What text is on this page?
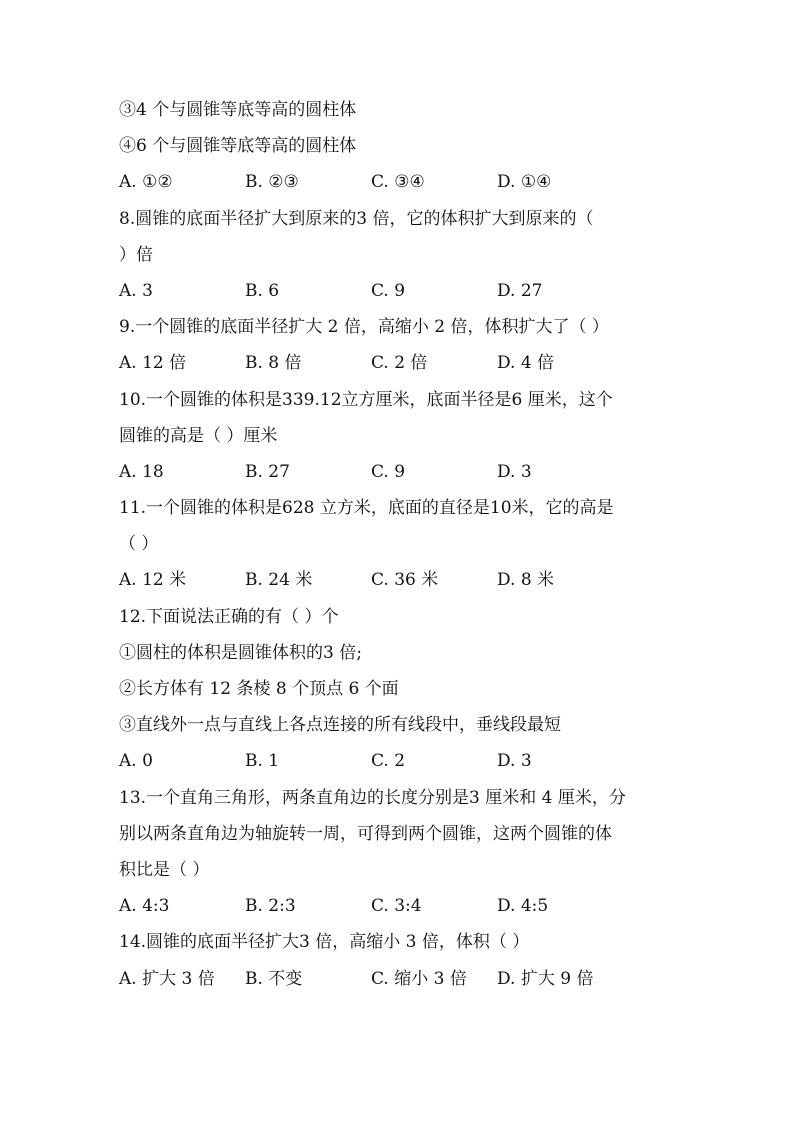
③4 个与圆锥等底等高的圆柱体
④6 个与圆锥等底等高的圆柱体
A. ①②	B. ②③	C. ③④	D. ①④
8.圆锥的底面半径扩大到原来的3 倍，它的体积扩大到原来的（
）倍
A. 3	B. 6	C. 9	D. 27
9.一个圆锥的底面半径扩大 2 倍，高缩小 2 倍，体积扩大了（ ）
A. 12 倍	B. 8 倍	C. 2 倍	D. 4 倍
10.一个圆锥的体积是339.12立方厘米，底面半径是6 厘米，这个
圆锥的高是（ ）厘米
A. 18	B. 27	C. 9	D. 3
11.一个圆锥的体积是628 立方米，底面的直径是10米，它的高是
（ ）
A. 12 米	B. 24 米	C. 36 米	D. 8 米
12.下面说法正确的有（ ）个
①圆柱的体积是圆锥体积的3 倍;
②长方体有 12 条棱 8 个顶点 6 个面
③直线外一点与直线上各点连接的所有线段中，垂线段最短
A. 0	B. 1	C. 2	D. 3
13.一个直角三角形，两条直角边的长度分别是3 厘米和 4 厘米，分
别以两条直角边为轴旋转一周，可得到两个圆锥，这两个圆锥的体
积比是（ ）
A. 4:3	B. 2:3	C. 3:4	D. 4:5
14.圆锥的底面半径扩大3 倍，高缩小 3 倍，体积（ ）
A. 扩大 3 倍	B. 不变	C. 缩小 3 倍	D. 扩大 9 倍
